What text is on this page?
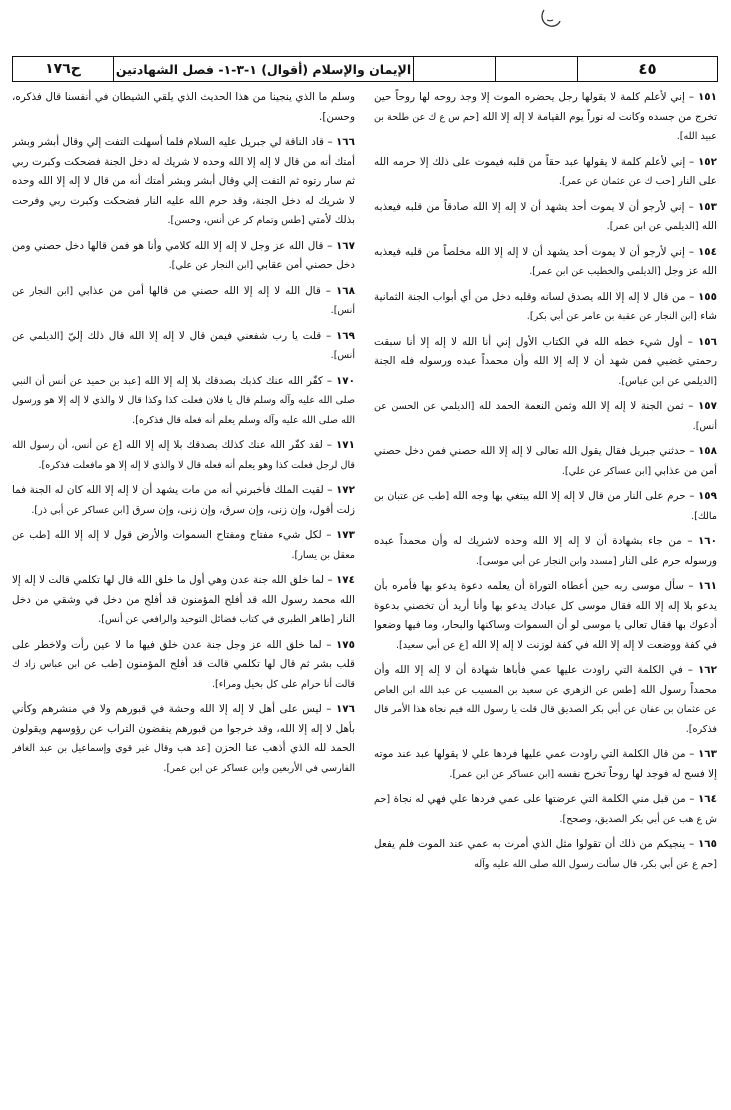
٤٥
الإيمان والإسلام (أقوال) ١-٣-١- فصل الشهادتين
ح١٧٦

١٥١ – إني لأعلم كلمة لا يقولها رجل يحضره الموت إلا وجد روحه لها روحاً حين تخرج من جسده وكانت له نوراً يوم القيامة لا إله إلا الله [حم س ع ك عن طلحة بن عبيد الله].

١٥٢ – إني لأعلم كلمة لا يقولها عبد حقاً من قلبه فيموت على ذلك إلا حرمه الله على النار [حب ك عن عثمان عن عمر].

١٥٣ – إني لأرجو أن لا يموت أحد يشهد أن لا إله إلا الله صادقاً من قلبه فيعذبه الله [الديلمي عن ابن عمر].

١٥٤ – إني لأرجو أن لا يموت أحد يشهد أن لا إله إلا الله مخلصاً من قلبه فيعذبه الله عز وجل [الديلمي والخطيب عن ابن عمر].

١٥٥ – من قال لا إله إلا الله يصدق لسانه وقلبه دخل من أي أبواب الجنة الثمانية شاء [ابن النجار عن عقبة بن عامر عن أبي بكر].

١٥٦ – أول شيء خطه الله في الكتاب الأول إني أنا الله لا إله إلا أنا سبقت رحمتي غضبي فمن شهد أن لا إله إلا الله وأن محمداً عبده ورسوله فله الجنة [الديلمي عن ابن عباس].

١٥٧ – ثمن الجنة لا إله إلا الله وثمن النعمة الحمد لله [الديلمي عن الحسن عن أنس].

١٥٨ – حدثني جبريل فقال يقول الله تعالى لا إله إلا الله حصني فمن دخل حصني أمن من عذابي [ابن عساكر عن علي].

١٥٩ – حرم على النار من قال لا إله إلا الله يبتغي بها وجه الله [طب عن عتبان بن مالك].

١٦٠ – من جاء بشهادة أن لا إله إلا الله وحده لاشريك له وأن محمداً عبده ورسوله حرم على النار [مسدد وابن النجار عن أبي موسى].

١٦١ – سأل موسى ربه حين أعطاه التوراة أن يعلمه دعوة يدعو بها فأمره بأن يدعو بلا إله إلا الله فقال موسى كل عبادك يدعو بها وأنا أريد أن تخصني بدعوة أدعوك بها فقال تعالى يا موسى لو أن السموات وساكنها والبحار، وما فيها وضعوا في كفة ووضعت لا إله إلا الله في كفة لوزنت لا إله إلا الله [ع عن أبي سعيد].

١٦٢ – في الكلمة التي راودت عليها عمي فأباها شهادة أن لا إله إلا الله وأن محمداً رسول الله [طس عن الزهري عن سعيد بن المسيب عن عبد الله ابن العاص عن عثمان بن عفان عن أبي بكر الصديق قال قلت يا رسول الله فيم نجاة هذا الأمر قال فذكره].

١٦٣ – من قال الكلمة التي راودت عمي عليها فردها علي لا يقولها عبد عند موته إلا فسح له فوجد لها روحاً تخرج نفسه [ابن عساكر عن ابن عمر].

١٦٤ – من قبل مني الكلمة التي عرضتها على عمي فردها علي فهي له نجاة [حم ش ع هب عن أبي بكر الصديق، وصحح].

١٦٥ – ينجيكم من ذلك أن تقولوا مثل الذي أمرت به عمي عند الموت فلم يفعل [حم ع عن أبي بكر، قال سألت رسول الله صلى الله عليه وآله

وسلم ما الذي ينجينا من هذا الحديث الذي يلقي الشيطان في أنفسنا قال فذكره، وحسن].

١٦٦ – قاد الناقة لي جبريل عليه السلام فلما أسهلت التفت إلي وقال أبشر وبشر أمتك أنه من قال لا إله إلا الله وحده لا شريك له دخل الجنة فضحكت وكبرت ربي ثم سار رتوه ثم التفت إلي وقال أبشر وبشر أمتك أنه من قال لا إله إلا الله وحده لا شريك له دخل الجنة، وقد حرم الله عليه النار فضحكت وكبرت ربي وفرحت بذلك لأمتي [طس وتمام كر عن أنس، وحسن].

١٦٧ – قال الله عز وجل لا إله إلا الله كلامي وأنا هو فمن قالها دخل حصني ومن دخل حصني أمن عقابي [ابن النجار عن علي].

١٦٨ – قال الله لا إله إلا الله حصني من قالها أمن من عذابي [ابن النجار عن أنس].

١٦٩ – قلت يا رب شفعني فيمن قال لا إله إلا الله قال ذلك إليّ [الديلمي عن أنس].

١٧٠ – كفّر الله عنك كذبك بصدقك بلا إله إلا الله [عبد بن حميد عن أنس أن النبي صلى الله عليه وآله وسلم قال يا فلان فعلت كذا وكذا قال لا والذي لا إله إلا هو ورسول الله صلى الله عليه وآله وسلم يعلم أنه فعله قال فذكره].

١٧١ – لقد كفّر الله عنك كذلك بصدقك بلا إله إلا الله [ع عن أنس، أن رسول الله قال لرجل فعلت كذا وهو يعلم أنه فعله قال لا والذي لا إله إلا هو مافعلت فذكره].

١٧٢ – لقيت الملك فأخبرني أنه من مات يشهد أن لا إله إلا الله كان له الجنة فما زلت أقول، وإن زنى، وإن سرق، وإن زنى، وإن سرق [ابن عساكر عن أبي ذر].

١٧٣ – لكل شيء مفتاح ومفتاح السموات والأرض قول لا إله إلا الله [طب عن معقل بن يسار].

١٧٤ – لما خلق الله جنة عدن وهي أول ما خلق الله قال لها تكلمي قالت لا إله إلا الله محمد رسول الله قد أفلح المؤمنون قد أفلح من دخل في وشقي من دخل النار [طاهر الطبري في كتاب فضائل التوحيد والرافعي عن أنس].

١٧٥ – لما خلق الله عز وجل جنة عدن خلق فيها ما لا عين رأت ولاخطر على قلب بشر ثم قال لها تكلمي قالت قد أفلح المؤمنون [طب عن ابن عباس زاد ك قالت أنا حرام على كل بخيل ومراء].

١٧٦ – ليس على أهل لا إله إلا الله وحشة في قبورهم ولا في منشرهم وكأني بأهل لا إله إلا الله، وقد خرجوا من قبورهم ينفضون التراب عن رؤوسهم ويقولون الحمد لله الذي أذهب عنا الحزن [عد هب وقال غير قوي وإسماعيل بن عبد الغافر الفارسي في الأربعين وابن عساكر عن ابن عمر].
